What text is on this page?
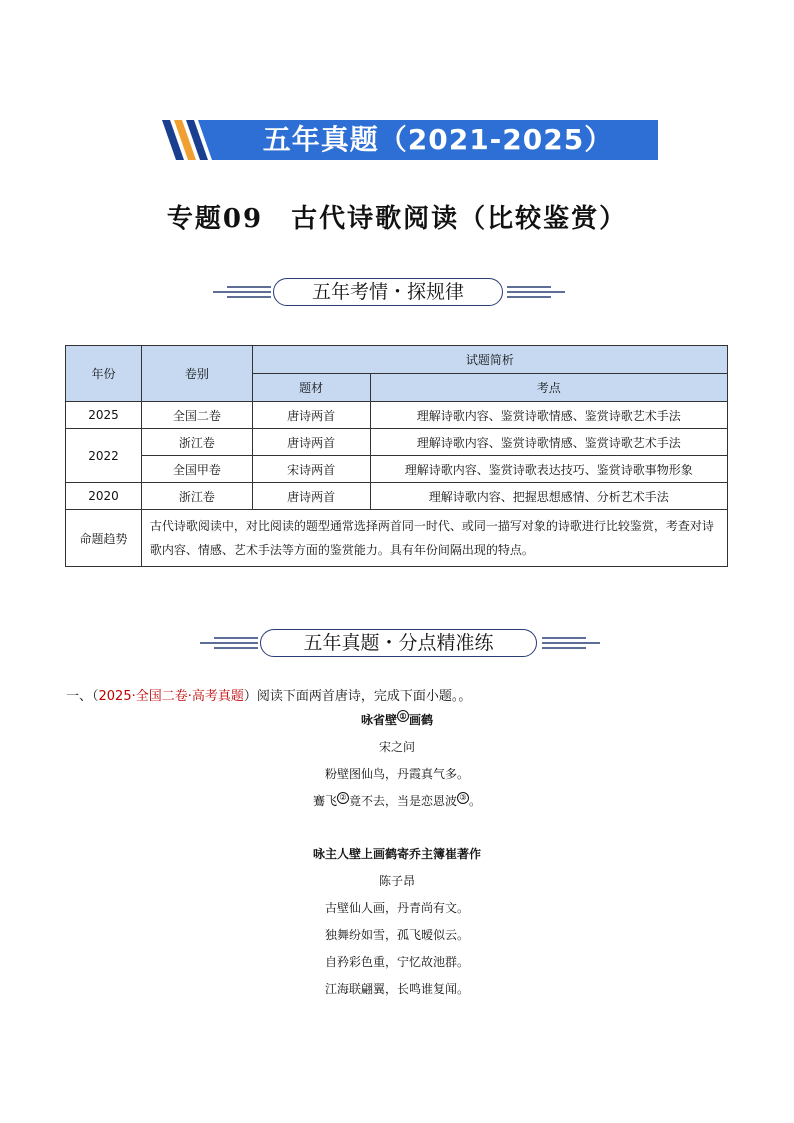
五年真题（2021-2025）
专题09　古代诗歌阅读（比较鉴赏）
五年考情・探规律
年份	卷别	试题简析	
		题材	考点
2025	全国二卷	唐诗两首	理解诗歌内容、鉴赏诗歌情感、鉴赏诗歌艺术手法
2022	浙江卷	唐诗两首	理解诗歌内容、鉴赏诗歌情感、鉴赏诗歌艺术手法
	全国甲卷	宋诗两首	理解诗歌内容、鉴赏诗歌表达技巧、鉴赏诗歌事物形象
2020	浙江卷	唐诗两首	理解诗歌内容、把握思想感情、分析艺术手法
命题趋势	古代诗歌阅读中，对比阅读的题型通常选择两首同一时代、或同一描写对象的诗歌进行比较鉴赏，考查对诗歌内容、情感、艺术手法等方面的鉴赏能力。具有年份间隔出现的特点。		
五年真题・分点精准练
一、（2025·全国二卷·高考真题）阅读下面两首唐诗，完成下面小题。。
咏省壁 ① 画鹤
宋之问
粉壁图仙鸟，丹霞真气多。
鶱飞 ② 竟不去，当是恋恩波 ③ 。
咏主人壁上画鹤寄乔主簿崔著作
陈子昂
古壁仙人画，丹青尚有文。
独舞纷如雪，孤飞暧似云。
自矜彩色重，宁忆故池群。
江海联翩翼，长鸣谁复闻。
